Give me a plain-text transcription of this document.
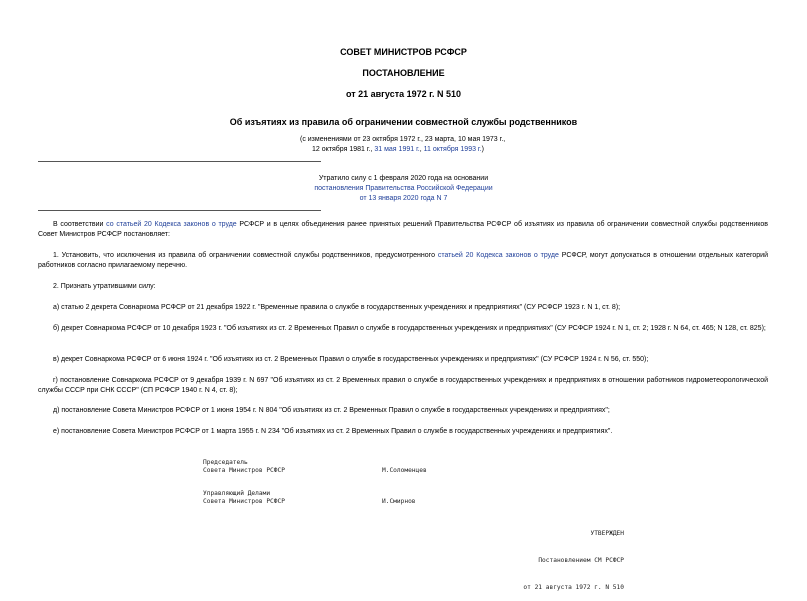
СОВЕТ МИНИСТРОВ РСФСР
ПОСТАНОВЛЕНИЕ
от 21 августа 1972 г. N 510
Об изъятиях из правила об ограничении совместной службы родственников
(с изменениями от 23 октября 1972 г., 23 марта, 10 мая 1973 г.,
12 октября 1981 г., 31 мая 1991 г., 11 октября 1993 г.)
Утратило силу с 1 февраля 2020 года на основании
постановления Правительства Российской Федерации
от 13 января 2020 года N 7

В соответствии со статьей 20 Кодекса законов о труде РСФСР и в целях объединения ранее принятых решений Правительства РСФСР об изъятиях из правила об ограничении совместной службы родственников Совет Министров РСФСР постановляет:

1. Установить, что исключения из правила об ограничении совместной службы родственников, предусмотренного статьей 20 Кодекса законов о труде РСФСР, могут допускаться в отношении отдельных категорий работников согласно прилагаемому перечню.

2. Признать утратившими силу:

а) статью 2 декрета Совнаркома РСФСР от 21 декабря 1922 г. "Временные правила о службе в государственных учреждениях и предприятиях" (СУ РСФСР 1923 г. N 1, ст. 8);

б) декрет Совнаркома РСФСР от 10 декабря 1923 г. "Об изъятиях из ст. 2 Временных Правил о службе в государственных учреждениях и предприятиях" (СУ РСФСР 1924 г. N 1, ст. 2; 1928 г. N 64, ст. 465; N 128, ст. 825);

в) декрет Совнаркома РСФСР от 6 июня 1924 г. "Об изъятиях из ст. 2 Временных Правил о службе в государственных учреждениях и предприятиях" (СУ РСФСР 1924 г. N 56, ст. 550);

г) постановление Совнаркома РСФСР от 9 декабря 1939 г. N 697 "Об изъятиях из ст. 2 Временных правил о службе в государственных учреждениях и предприятиях в отношении работников гидрометеорологической службы СССР при СНК СССР" (СП РСФСР 1940 г. N 4, ст. 8);

д) постановление Совета Министров РСФСР от 1 июня 1954 г. N 804 "Об изъятиях из ст. 2 Временных Правил о службе в государственных учреждениях и предприятиях";

е) постановление Совета Министров РСФСР от 1 марта 1955 г. N 234 "Об изъятиях из ст. 2 Временных Правил о службе в государственных учреждениях и предприятиях".

Председатель
Совета Министров РСФСР	М.Соломенцев
Управляющий Делами
Совета Министров РСФСР	И.Смирнов

УТВЕРЖДЕН

Постановлением СМ РСФСР

от 21 августа 1972 г. N 510
